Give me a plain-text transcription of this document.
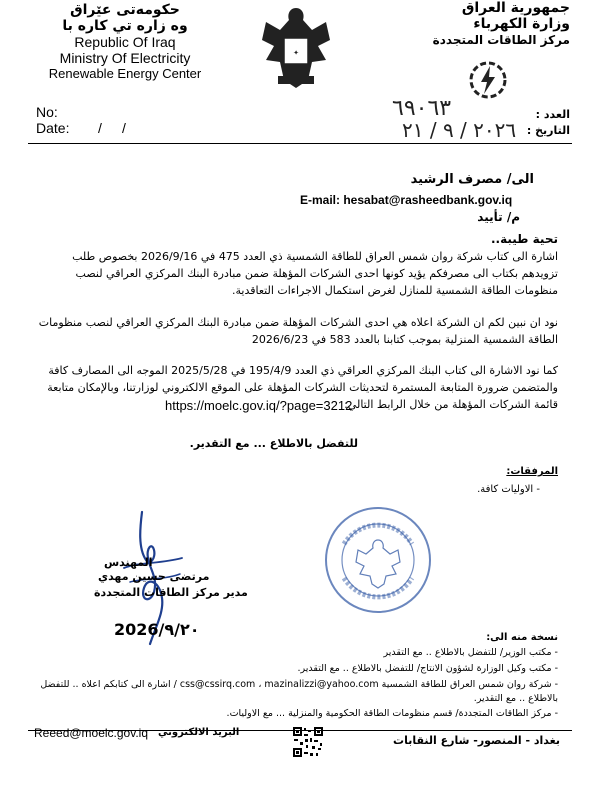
حكومەتی عێراق
وه زاره تي كاره با
Republic Of Iraq
Ministry Of Electricity
Renewable Energy Center
✦
جمهورية العراق
وزارة الكهرباء
مركز الطاقات المتجددة
No:
Date: / /
العدد :
التاريخ :
٦٩٠٦٣
٢٠٢٦ / ٩ / ٢١
الى/ مصرف الرشيد
E-mail: hesabat@rasheedbank.gov.iq
م/ تأييد
تحية طيبة..
اشارة الى كتاب شركة روان شمس العراق للطاقة الشمسية ذي العدد 475 في 2026/9/16 بخصوص طلب تزويدهم بكتاب الى مصرفكم يؤيد كونها احدى الشركات المؤهلة ضمن مبادرة البنك المركزي العراقي لنصب منظومات الطاقة الشمسية للمنازل لغرض استكمال الاجراءات التعاقدية.
نود ان نبين لكم ان الشركة اعلاه هي احدى الشركات المؤهلة ضمن مبادرة البنك المركزي العراقي لنصب منظومات الطاقة الشمسية المنزلية بموجب كتابنا بالعدد 583 في 2026/6/23
كما نود الاشارة الى كتاب البنك المركزي العراقي ذي العدد 195/4/9 في 2025/5/28 الموجه الى المصارف كافة والمتضمن ضرورة المتابعة المستمرة لتحديثات الشركات المؤهلة على الموقع الالكتروني لوزارتنا، وبالإمكان متابعة قائمة الشركات المؤهلة من خلال الرابط التالي:
https://moelc.gov.iq/?page=3212
للتفضل بالاطلاع ... مع التقدير.
المرفقات:
- الاوليات كافة.
المهندس
مرتضى حسين مهدي
مدير مركز الطاقات المتجددة
2026/٩/٢٠	نسخة منه الى:
- مكتب الوزير/ للتفضل بالاطلاع .. مع التقدير
- مكتب وكيل الوزارة لشؤون الانتاج/ للتفضل بالاطلاع .. مع التقدير.
- شركة روان شمس العراق للطاقة الشمسية css@cssirq.com ، mazinalizzi@yahoo.com / اشارة الى كتابكم اعلاه .. للتفضل بالاطلاع .. مع التقدير.
- مركز الطاقات المتجددة/ قسم منظومات الطاقة الحكومية والمنزلية ... مع الاوليات.
Reeed@moelc.gov.iq البريد الالكتروني
بغداد - المنصور- شارع النقابات
